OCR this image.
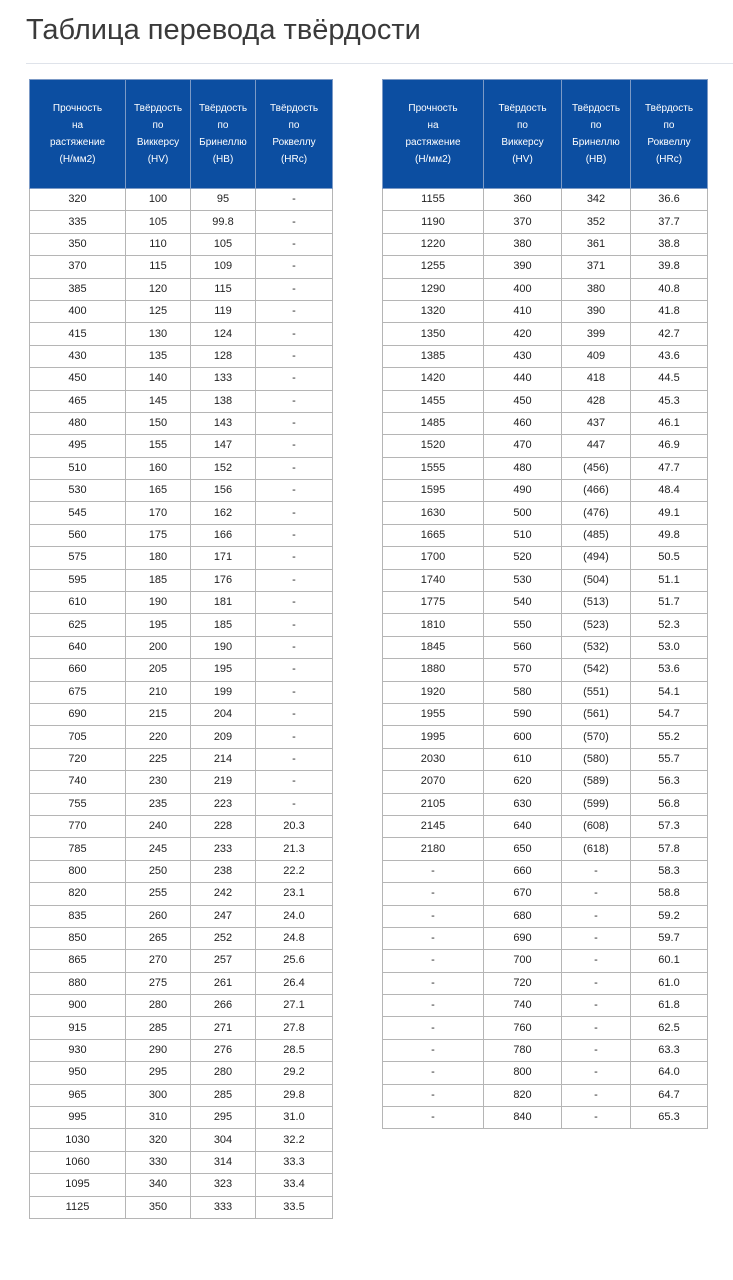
Таблица перевода твёрдости
Прочность
на
растяжение
(Н/мм2)	Твёрдость
по
Виккерсу
(HV)	Твёрдость
по
Бринеллю
(HB)	Твёрдость
по
Роквеллу
(HRc)

320	100	95	-
335	105	99.8	-
350	110	105	-
370	115	109	-
385	120	115	-
400	125	119	-
415	130	124	-
430	135	128	-
450	140	133	-
465	145	138	-
480	150	143	-
495	155	147	-
510	160	152	-
530	165	156	-
545	170	162	-
560	175	166	-
575	180	171	-
595	185	176	-
610	190	181	-
625	195	185	-
640	200	190	-
660	205	195	-
675	210	199	-
690	215	204	-
705	220	209	-
720	225	214	-
740	230	219	-
755	235	223	-
770	240	228	20.3
785	245	233	21.3
800	250	238	22.2
820	255	242	23.1
835	260	247	24.0
850	265	252	24.8
865	270	257	25.6
880	275	261	26.4
900	280	266	27.1
915	285	271	27.8
930	290	276	28.5
950	295	280	29.2
965	300	285	29.8
995	310	295	31.0
1030	320	304	32.2
1060	330	314	33.3
1095	340	323	33.4
1125	350	333	33.5
Прочность
на
растяжение
(Н/мм2)	Твёрдость
по
Виккерсу
(HV)	Твёрдость
по
Бринеллю
(HB)	Твёрдость
по
Роквеллу
(HRc)

1155	360	342	36.6
1190	370	352	37.7
1220	380	361	38.8
1255	390	371	39.8
1290	400	380	40.8
1320	410	390	41.8
1350	420	399	42.7
1385	430	409	43.6
1420	440	418	44.5
1455	450	428	45.3
1485	460	437	46.1
1520	470	447	46.9
1555	480	(456)	47.7
1595	490	(466)	48.4
1630	500	(476)	49.1
1665	510	(485)	49.8
1700	520	(494)	50.5
1740	530	(504)	51.1
1775	540	(513)	51.7
1810	550	(523)	52.3
1845	560	(532)	53.0
1880	570	(542)	53.6
1920	580	(551)	54.1
1955	590	(561)	54.7
1995	600	(570)	55.2
2030	610	(580)	55.7
2070	620	(589)	56.3
2105	630	(599)	56.8
2145	640	(608)	57.3
2180	650	(618)	57.8
-	660	-	58.3
-	670	-	58.8
-	680	-	59.2
-	690	-	59.7
-	700	-	60.1
-	720	-	61.0
-	740	-	61.8
-	760	-	62.5
-	780	-	63.3
-	800	-	64.0
-	820	-	64.7
-	840	-	65.3
